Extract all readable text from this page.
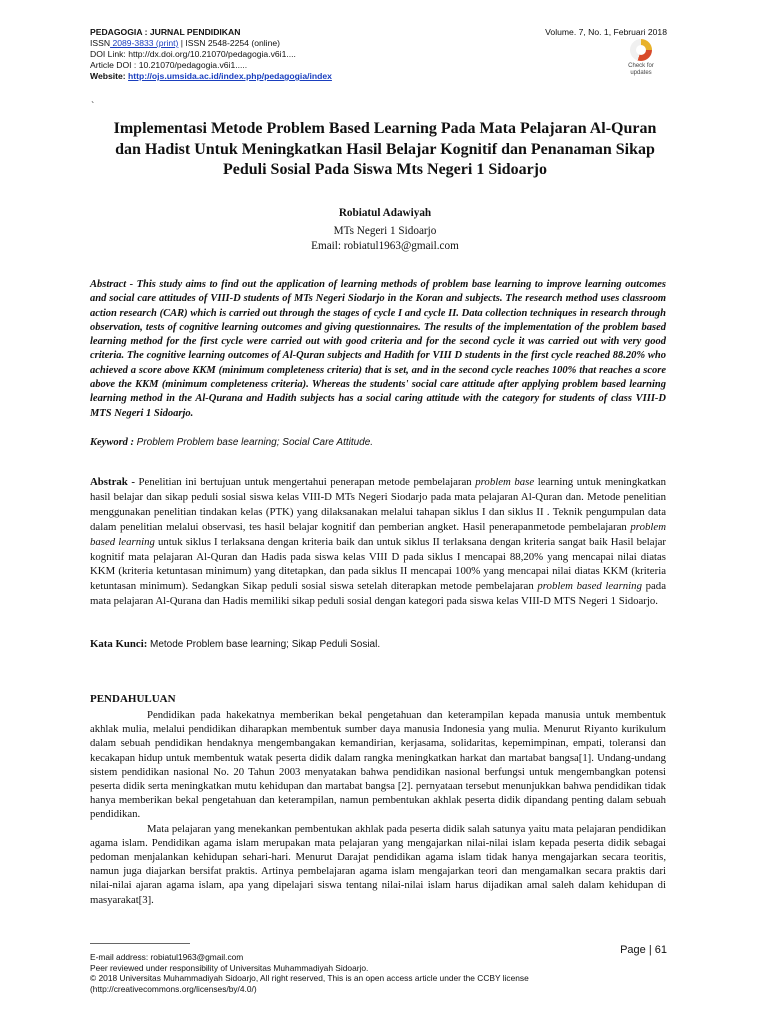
PEDAGOGIA : JURNAL PENDIDIKAN
ISSN 2089-3833 (print) | ISSN 2548-2254 (online)
DOI Link: http://dx.doi.org/10.21070/pedagogia.v6i1....
Article DOI : 10.21070/pedagogia.v6i1.....
Website: http://ojs.umsida.ac.id/index.php/pedagogia/index
Volume. 7, No. 1, Februari 2018
Check for updates
`
Implementasi Metode Problem Based Learning Pada Mata Pelajaran Al-Quran dan Hadist Untuk Meningkatkan Hasil Belajar Kognitif dan Penanaman Sikap Peduli Sosial Pada Siswa Mts Negeri 1 Sidoarjo
Robiatul Adawiyah
MTs Negeri 1 Sidoarjo
Email: robiatul1963@gmail.com
Abstract - This study aims to find out the application of learning methods of problem base learning to improve learning outcomes and social care attitudes of VIII-D students of MTs Negeri Siodarjo in the Koran and subjects. The research method uses classroom action research (CAR) which is carried out through the stages of cycle I and cycle II. Data collection techniques in research through observation, tests of cognitive learning outcomes and giving questionnaires. The results of the implementation of the problem based learning method for the first cycle were carried out with good criteria and for the second cycle it was carried out with very good criteria. The cognitive learning outcomes of Al-Quran subjects and Hadith for VIII D students in the first cycle reached 88.20% who achieved a score above KKM (minimum completeness criteria) that is set, and in the second cycle reaches 100% that reaches a score above the KKM (minimum completeness criteria). Whereas the students' social care attitude after applying problem based learning learning method in the Al-Qurana and Hadith subjects has a social caring attitude with the category for students of class VIII-D MTS Negeri 1 Sidoarjo.
Keyword : Problem Problem base learning; Social Care Attitude.
Abstrak - Penelitian ini bertujuan untuk mengertahui penerapan metode pembelajaran problem base learning untuk meningkatkan hasil belajar dan sikap peduli sosial siswa kelas VIII-D MTs Negeri Siodarjo pada mata pelajaran Al-Quran dan. Metode penelitian menggunakan penelitian tindakan kelas (PTK) yang dilaksanakan melalui tahapan siklus I dan siklus II . Teknik pengumpulan data dalam penelitian melalui observasi, tes hasil belajar kognitif dan pemberian angket. Hasil penerapanmetode pembelajaran problem based learning untuk siklus I terlaksana dengan kriteria baik dan untuk siklus II terlaksana dengan kriteria sangat baik Hasil belajar kognitif mata pelajaran Al-Quran dan Hadis pada siswa kelas VIII D pada siklus I mencapai 88,20% yang mencapai nilai diatas KKM (kriteria ketuntasan minimum) yang ditetapkan, dan pada siklus II mencapai 100% yang mencapai nilai diatas KKM (kriteria ketuntasan minimum). Sedangkan Sikap peduli sosial siswa setelah diterapkan metode pembelajaran problem based learning pada mata pelajaran Al-Qurana dan Hadis memiliki sikap peduli sosial dengan kategori pada siswa kelas VIII-D MTS Negeri 1 Sidoarjo.
Kata Kunci: Metode Problem base learning; Sikap Peduli Sosial.
PENDAHULUAN

Pendidikan pada hakekatnya memberikan bekal pengetahuan dan keterampilan kepada manusia untuk membentuk akhlak mulia, melalui pendidikan diharapkan membentuk sumber daya manusia Indonesia yang mulia. Menurut Riyanto kurikulum dalam sebuah pendidikan hendaknya mengembangakan kemandirian, kerjasama, solidaritas, kepemimpinan, empati, toleransi dan kecakapan hidup untuk membentuk watak peserta didik dalam rangka meningkatkan harkat dan martabat bangsa[1]. Undang-undang sistem pendidikan nasional No. 20 Tahun 2003 menyatakan bahwa pendidikan nasional berfungsi untuk mengembangkan potensi peserta didik serta meningkatkan mutu kehidupan dan martabat bangsa [2]. pernyataan tersebut menunjukkan bahwa pendidikan tidak hanya memberikan bekal pengetahuan dan keterampilan, namun pembentukan akhlak peserta didik dipandang penting dalam sebuah pendidikan.

Mata pelajaran yang menekankan pembentukan akhlak pada peserta didik salah satunya yaitu mata pelajaran pendidikan agama islam. Pendidikan agama islam merupakan mata pelajaran yang mengajarkan nilai-nilai islam kepada peserta didik sebagai pedoman menjalankan kehidupan sehari-hari. Menurut Darajat pendidikan agama islam tidak hanya mengajarkan secara teoritis, namun juga diajarkan bersifat praktis. Artinya pembelajaran agama islam mengajarkan teori dan mengamalkan secara praktis dari nilai-nilai ajaran agama islam, apa yang dipelajari siswa tentang nilai-nilai islam harus dijadikan amal saleh dalam kehidupan di masyarakat[3].

Page | 61
E-mail address: robiatul1963@gmail.com
Peer reviewed under responsibility of Universitas Muhammadiyah Sidoarjo.
© 2018 Universitas Muhammadiyah Sidoarjo, All right reserved, This is an open access article under the CCBY license
(http://creativecommons.org/licenses/by/4.0/)
